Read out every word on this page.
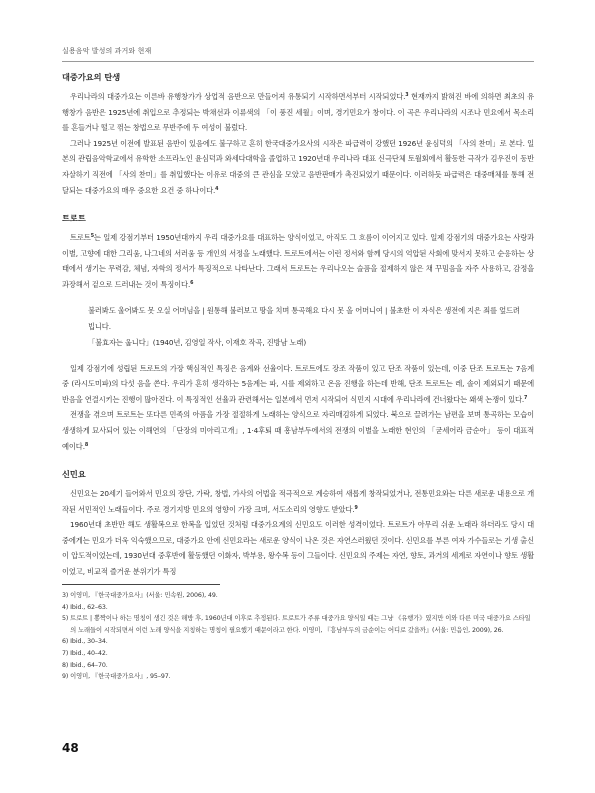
실용음악 발성의 과거와 현재
대중가요의 탄생

우리나라의 대중가요는 이른바 유행창가가 상업적 음반으로 만들어져 유통되기 시작하면서부터 시작되었다.$^3$ 현재까지 밝혀진 바에 의하면 최초의 유행창가 음반은 1925년에 취입으로 추정되는 박채선과 이류색의 「이 풍진 세월」이며, 경기민요가 창이다. 이 곡은 우리나라의 시조나 민요에서 목소리를 흔들거나 떨고 꺾는 창법으로 무반주에 두 여성이 불렀다.

그러나 1925년 이전에 발표된 음반이 있음에도 불구하고 흔히 한국대중가요사의 시작은 파급력이 강했던 1926년 윤심덕의 「사의 찬미」로 본다. 일본의 관립음악학교에서 유학한 소프라노인 윤심덕과 와세다대학을 졸업하고 1920년대 우리나라 대표 신극단체 토월회에서 활동한 극작가 김우진이 동반자살하기 직전에 「사의 찬미」를 취입했다는 이유로 대중의 큰 관심을 모았고 음반판매가 촉진되었기 때문이다. 이러하듯 파급력은 대중매체를 통해 전달되는 대중가요의 매우 중요한 요건 중 하나이다.$^4$

트로트

트로트$^5$는 일제 강점기부터 1950년대까지 우리 대중가요를 대표하는 양식이었고, 아직도 그 흐름이 이어지고 있다. 일제 강점기의 대중가요는 사랑과 이별, 고향에 대한 그리움, 나그네의 서러움 등 개인의 서정을 노래했다. 트로트에서는 이런 정서와 함께 당시의 억압된 사회에 맞서지 못하고 순응하는 상태에서 생기는 무력감, 체념, 자학의 정서가 특징적으로 나타난다. 그래서 트로트는 우리나오는 슬픔을 절제하지 않은 채 꾸밈음을 자주 사용하고, 감정을 과장해서 겉으로 드러내는 것이 특징이다.$^6$

불러봐도 울어봐도 못 오실 어머님을 | 원통해 불러보고 땅을 치며 통곡해요 다시 못 올 어머니여 | 불초한 이 자식은 생전에 지은 죄를 엎드려 빕니다.
「불효자는 웁니다」(1940년, 김영일 작사, 이재호 작곡, 진방남 노래)

일제 강점기에 성립된 트로트의 가장 핵심적인 특징은 음계와 선율이다. 트로트에도 장조 작품이 있고 단조 작품이 있는데, 이중 단조 트로트는 7음계 중 (라시도미파)의 다섯 음을 쓴다. 우리가 흔히 생각하는 5음계는 파, 시를 제외하고 온음 진행을 하는데 반해, 단조 트로트는 레, 솔이 제외되기 때문에 반음을 연결시키는 진행이 많아진다. 이 특징적인 선율과 관련해서는 일본에서 먼저 시작되어 식민지 시대에 우리나라에 건너왔다는 왜색 논쟁이 있다.$^7$

전쟁을 겪으며 트로트는 또다른 민족의 아픔을 가장 절절하게 노래하는 양식으로 자리매김하게 되었다. 북으로 끌려가는 남편을 보며 통곡하는 모습이 생생하게 묘사되어 있는 이해연의 「단장의 미아리고개」, 1·4후퇴 때 흥남부두에서의 전쟁의 이별을 노래한 현인의 「굳세어라 금순아」 등이 대표적 예이다.$^8$

신민요

신민요는 20세기 들어와서 민요의 장단, 가락, 창법, 가사의 어법을 적극적으로 계승하여 새롭게 창작되었거나, 전통민요와는 다른 새로운 내용으로 개작된 서민적인 노래들이다. 주로 경기지방 민요의 영향이 가장 크며, 서도소리의 영향도 받았다.$^9$

1960년대 초반만 해도 생활복으로 한복을 입었던 것처럼 대중가요계의 신민요도 이러한 성격이었다. 트로트가 아무리 쉬운 노래라 하더라도 당시 대중에게는 민요가 더욱 익숙했으므로, 대중가요 안에 신민요라는 새로운 양식이 나온 것은 자연스러웠던 것이다. 신민요를 부른 여자 가수들로는 기생 출신이 압도적이었는데, 1930년대 중후반에 활동했던 이화자, 박부용, 왕수복 등이 그들이다. 신민요의 주제는 자연, 향토, 과거의 세계로 자연이나 향토 생활이었고, 비교적 즐거운 분위기가 특징

3) 이영미, 『한국대중가요사』(서울: 민속원, 2006), 49.

4) Ibid., 62–63.

5)
트로트 | 뽕짝이나 하는 명칭이 생긴 것은 해방 후, 1960년대 이후로 추정된다. 트로트가 주류 대중가요 양식일 때는 그냥 《유행가》였지만 이와 다른 미국 대중가요 스타일의 노래들이 시작되면서 이런 노래 양식을 지칭하는 명칭이 필요했기 때문이라고 한다. 이영미, 『흥남부두의 금순이는 어디로 갔을까』(서울: 민음인, 2009), 26.

6) Ibid., 30–34.

7) Ibid., 40–42.

8) Ibid., 64–70.

9) 이영미, 『한국대중가요사』, 95–97.

48
